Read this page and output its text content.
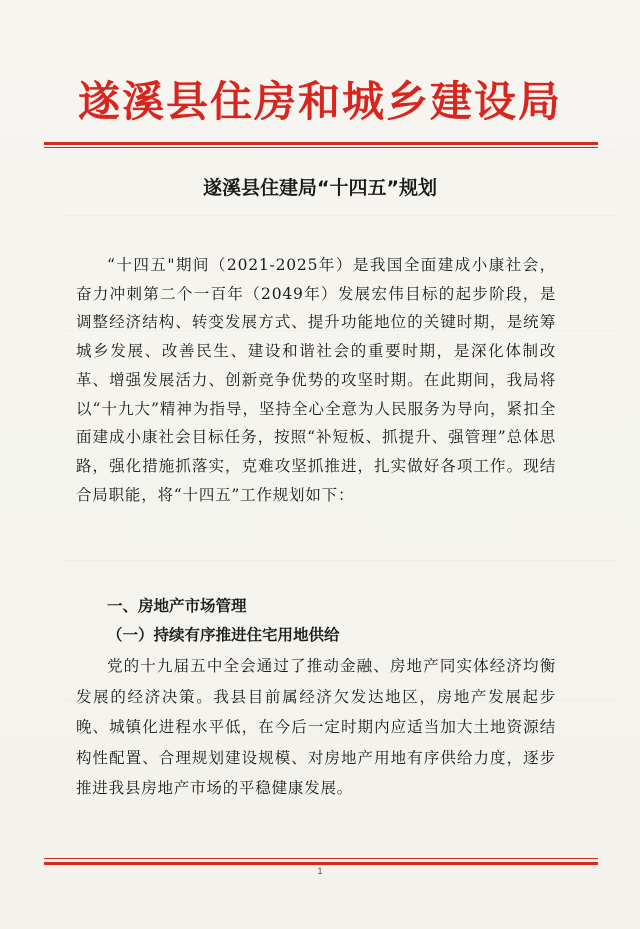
遂溪县住房和城乡建设局
遂溪县住建局“十四五”规划

“十四五"期间（2021-2025年）是我国全面建成小康社会，奋力冲刺第二个一百年（2049年）发展宏伟目标的起步阶段，是调整经济结构、转变发展方式、提升功能地位的关键时期，是统筹城乡发展、改善民生、建设和谐社会的重要时期，是深化体制改革、增强发展活力、创新竞争优势的攻坚时期。在此期间，我局将以“十九大”精神为指导，坚持全心全意为人民服务为导向，紧扣全面建成小康社会目标任务，按照“补短板、抓提升、强管理”总体思路，强化措施抓落实，克难攻坚抓推进，扎实做好各项工作。现结合局职能，将“十四五”工作规划如下：

一、房地产市场管理
（一）持续有序推进住宅用地供给

党的十九届五中全会通过了推动金融、房地产同实体经济均衡发展的经济决策。我县目前属经济欠发达地区，房地产发展起步晚、城镇化进程水平低，在今后一定时期内应适当加大土地资源结构性配置、合理规划建设规模、对房地产用地有序供给力度，逐步推进我县房地产市场的平稳健康发展。

1
